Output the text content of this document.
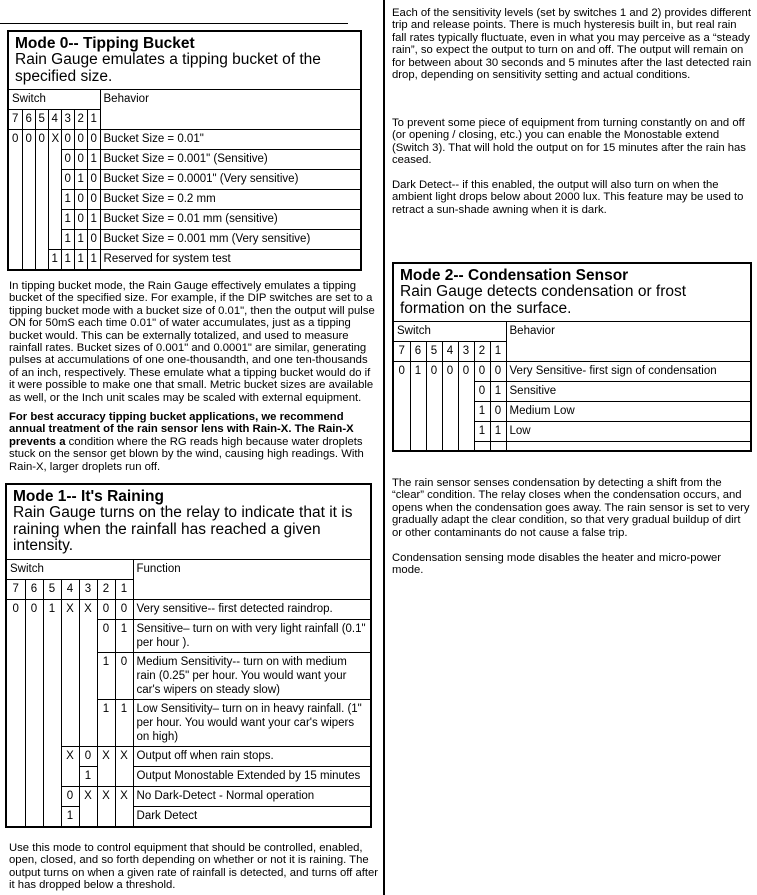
Mode 0-- Tipping Bucket
Rain Gauge emulates a tipping bucket of the specified size.
Switch							Behavior
7	6	5	4	3	2	1	
0	0	0	X	0	0	0	Bucket Size = 0.01"
				0	0	1	Bucket Size = 0.001" (Sensitive)
				0	1	0	Bucket Size = 0.0001" (Very sensitive)
				1	0	0	Bucket Size = 0.2 mm
				1	0	1	Bucket Size = 0.01 mm (sensitive)
				1	1	0	Bucket Size = 0.001 mm (Very sensitive)
			1	1	1	1	Reserved for system test
In tipping bucket mode, the Rain Gauge effectively emulates a tipping bucket of the specified size. For example, if the DIP switches are set to a tipping bucket mode with a bucket size of 0.01", then the output will pulse ON for 50mS each time 0.01" of water accumulates, just as a tipping bucket would. This can be externally totalized, and used to measure rainfall rates. Bucket sizes of 0.001" and 0.0001" are similar, generating pulses at accumulations of one one-thousandth, and one ten-thousands of an inch, respectively. These emulate what a tipping bucket would do if it were possible to make one that small. Metric bucket sizes are available as well, or the Inch unit scales may be scaled with external equipment.
For best accuracy tipping bucket applications, we recommend annual treatment of the rain sensor lens with Rain-X. The Rain-X prevents a condition where the RG reads high because water droplets stuck on the sensor get blown by the wind, causing high readings. With Rain-X, larger droplets run off.
Mode 1-- It's Raining
Rain Gauge turns on the relay to indicate that it is raining when the rainfall has reached a given intensity.
Switch							Function
7	6	5	4	3	2	1	
0	0	1	X	X	0	0	Very sensitive-- first detected raindrop.
					0	1	Sensitive– turn on with very light rainfall (0.1" per hour ).
					1	0	Medium Sensitivity-- turn on with medium rain (0.25" per hour. You would want your car's wipers on steady slow)
					1	1	Low Sensitivity– turn on in heavy rainfall. (1" per hour. You would want your car's wipers on high)
			X	0	X	X	Output off when rain stops.
				1			Output Monostable Extended by 15 minutes
			0	X	X	X	No Dark-Detect - Normal operation
			1				Dark Detect
Use this mode to control equipment that should be controlled, enabled, open, closed, and so forth depending on whether or not it is raining. The output turns on when a given rate of rainfall is detected, and turns off after it has dropped below a threshold.
Each of the sensitivity levels (set by switches 1 and 2) provides different trip and release points. There is much hysteresis built in, but real rain fall rates typically fluctuate, even in what you may perceive as a “steady rain”, so expect the output to turn on and off. The output will remain on for between about 30 seconds and 5 minutes after the last detected rain drop, depending on sensitivity setting and actual conditions.
To prevent some piece of equipment from turning constantly on and off (or opening / closing, etc.) you can enable the Monostable extend (Switch 3). That will hold the output on for 15 minutes after the rain has ceased.
Dark Detect-- if this enabled, the output will also turn on when the ambient light drops below about 2000 lux. This feature may be used to retract a sun-shade awning when it is dark.
Mode 2-- Condensation Sensor
Rain Gauge detects condensation or frost formation on the surface.
Switch							Behavior
7	6	5	4	3	2	1	
0	1	0	0	0	0	0	Very Sensitive- first sign of condensation
					0	1	Sensitive
					1	0	Medium Low
					1	1	Low

The rain sensor senses condensation by detecting a shift from the “clear” condition. The relay closes when the condensation occurs, and opens when the condensation goes away. The rain sensor is set to very gradually adapt the clear condition, so that very gradual buildup of dirt or other contaminants do not cause a false trip.
Condensation sensing mode disables the heater and micro-power mode.
